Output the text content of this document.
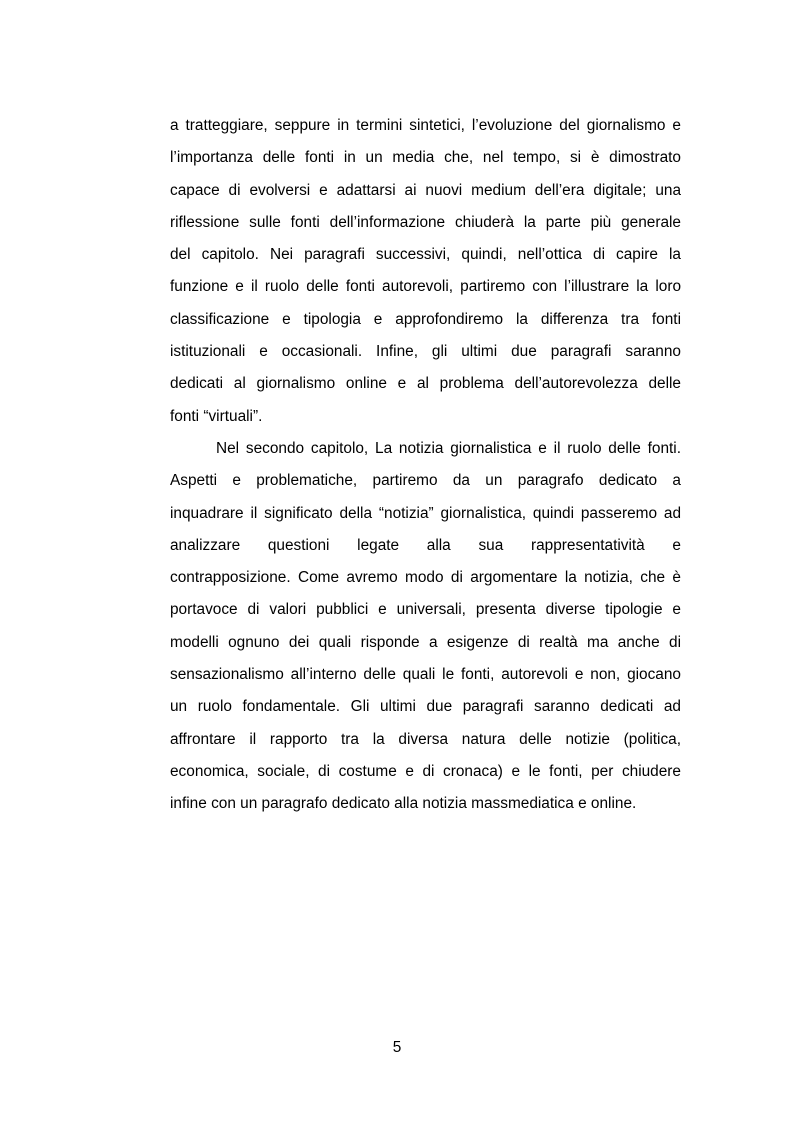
a tratteggiare, seppure in termini sintetici, l’evoluzione del giornalismo e
l’importanza delle fonti in un media che, nel tempo, si è dimostrato
capace di evolversi e adattarsi ai nuovi medium dell’era digitale; una
riflessione sulle fonti dell’informazione chiuderà la parte più generale
del capitolo. Nei paragrafi successivi, quindi, nell’ottica di capire la
funzione e il ruolo delle fonti autorevoli, partiremo con l’illustrare la loro
classificazione e tipologia e approfondiremo la differenza tra fonti
istituzionali e occasionali. Infine, gli ultimi due paragrafi saranno
dedicati al giornalismo online e al problema dell’autorevolezza delle
fonti “virtuali”.
Nel secondo capitolo, La notizia giornalistica e il ruolo delle fonti.
Aspetti e problematiche, partiremo da un paragrafo dedicato a
inquadrare il significato della “notizia” giornalistica, quindi passeremo ad
analizzare questioni legate alla sua rappresentatività e
contrapposizione. Come avremo modo di argomentare la notizia, che è
portavoce di valori pubblici e universali, presenta diverse tipologie e
modelli ognuno dei quali risponde a esigenze di realtà ma anche di
sensazionalismo all’interno delle quali le fonti, autorevoli e non, giocano
un ruolo fondamentale. Gli ultimi due paragrafi saranno dedicati ad
affrontare il rapporto tra la diversa natura delle notizie (politica,
economica, sociale, di costume e di cronaca) e le fonti, per chiudere
infine con un paragrafo dedicato alla notizia massmediatica e online.
5
